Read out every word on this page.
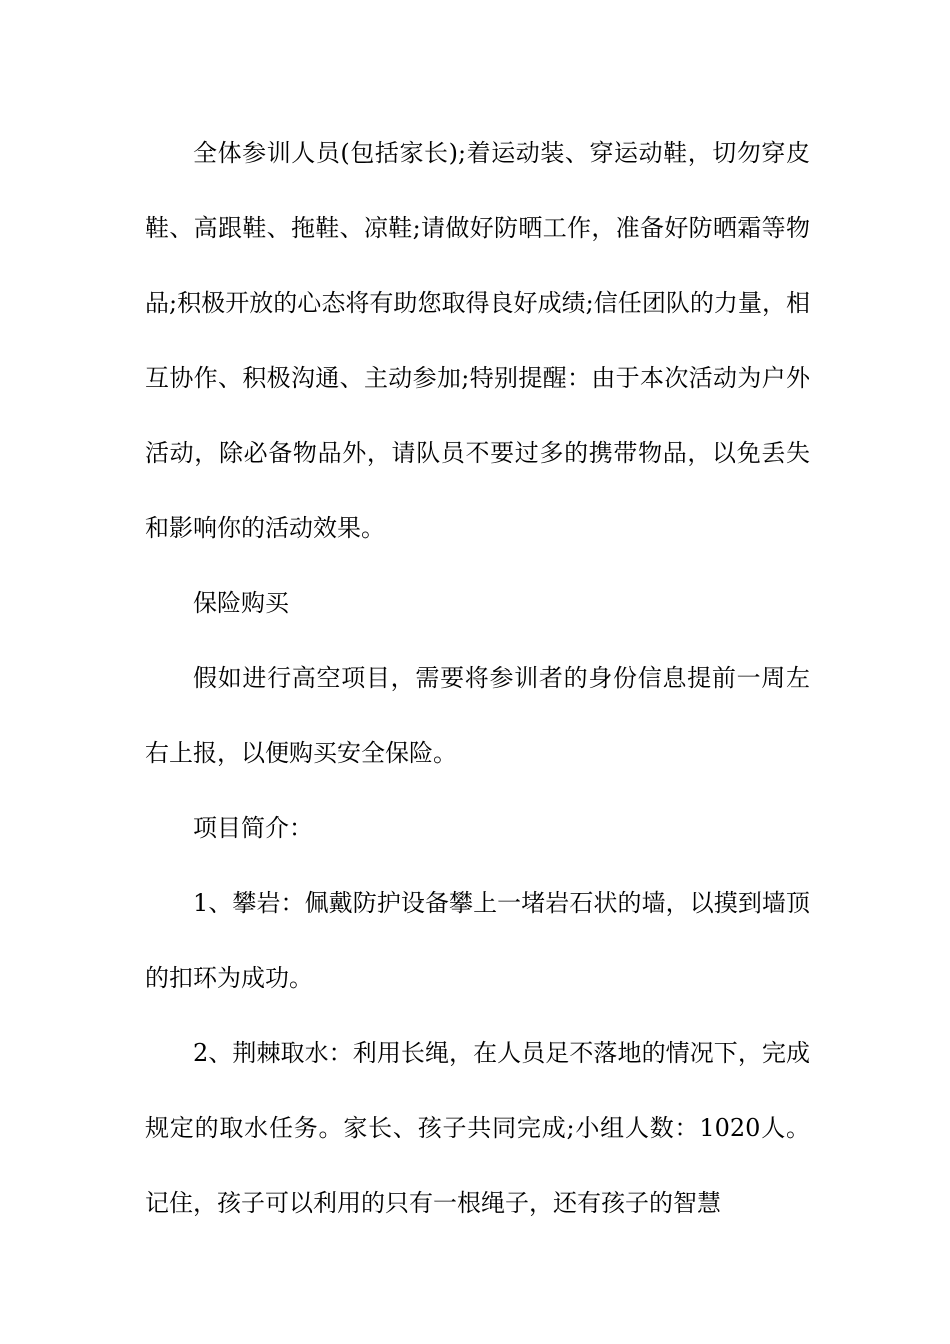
全体参训人员(包括家长);着运动装、穿运动鞋，切勿穿皮鞋、高跟鞋、拖鞋、凉鞋;请做好防晒工作，准备好防晒霜等物品;积极开放的心态将有助您取得良好成绩;信任团队的力量，相互协作、积极沟通、主动参加;特别提醒：由于本次活动为户外活动，除必备物品外，请队员不要过多的携带物品，以免丢失和影响你的活动效果。

保险购买

假如进行高空项目，需要将参训者的身份信息提前一周左右上报，以便购买安全保险。

项目简介：

1、攀岩：佩戴防护设备攀上一堵岩石状的墙，以摸到墙顶的扣环为成功。

2、荆棘取水：利用长绳，在人员足不落地的情况下，完成规定的取水任务。家长、孩子共同完成;小组人数：1020人。记住，孩子可以利用的只有一根绳子，还有孩子的智慧
